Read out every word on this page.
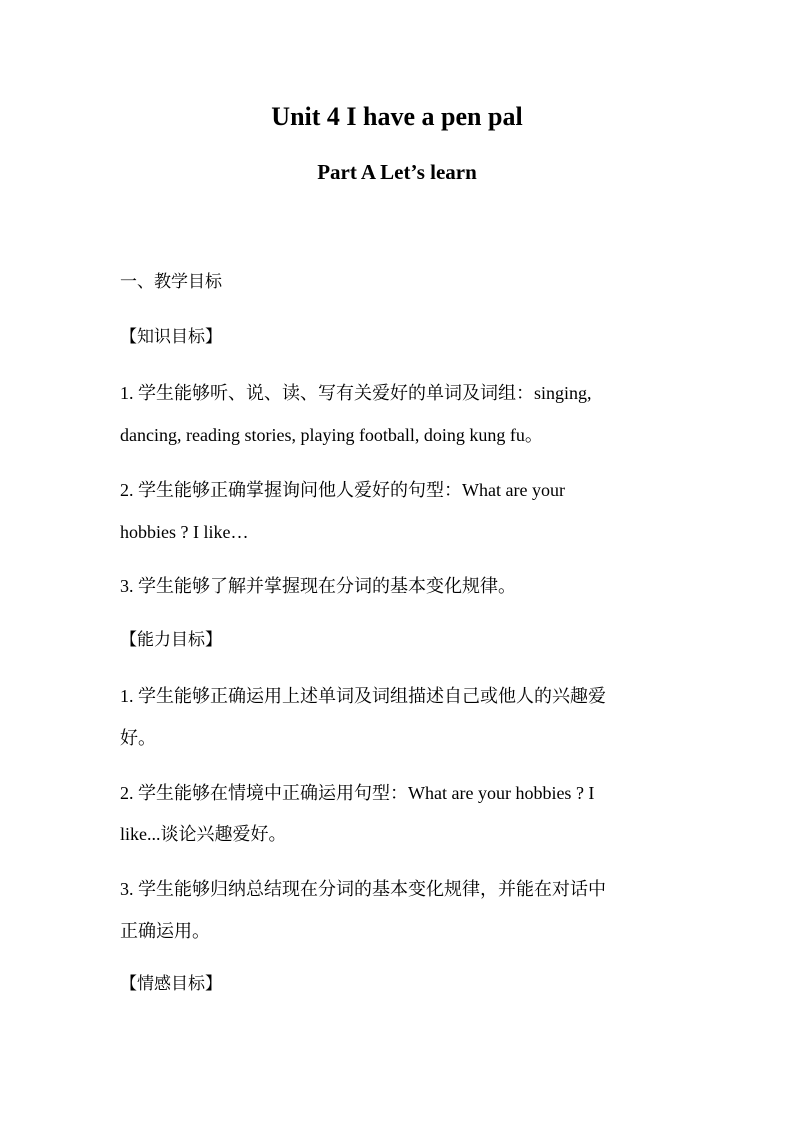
Unit 4 I have a pen pal
Part A Let’s learn
一、教学目标
【知识目标】
1. 学生能够听、说、读、写有关爱好的单词及词组：singing,
dancing, reading stories, playing football, doing kung fu。
2. 学生能够正确掌握询问他人爱好的句型：What are your
hobbies ? I like…
3. 学生能够了解并掌握现在分词的基本变化规律。
【能力目标】
1. 学生能够正确运用上述单词及词组描述自己或他人的兴趣爱
好。
2. 学生能够在情境中正确运用句型：What are your hobbies ? I
like...谈论兴趣爱好。
3. 学生能够归纳总结现在分词的基本变化规律，并能在对话中
正确运用。
【情感目标】
